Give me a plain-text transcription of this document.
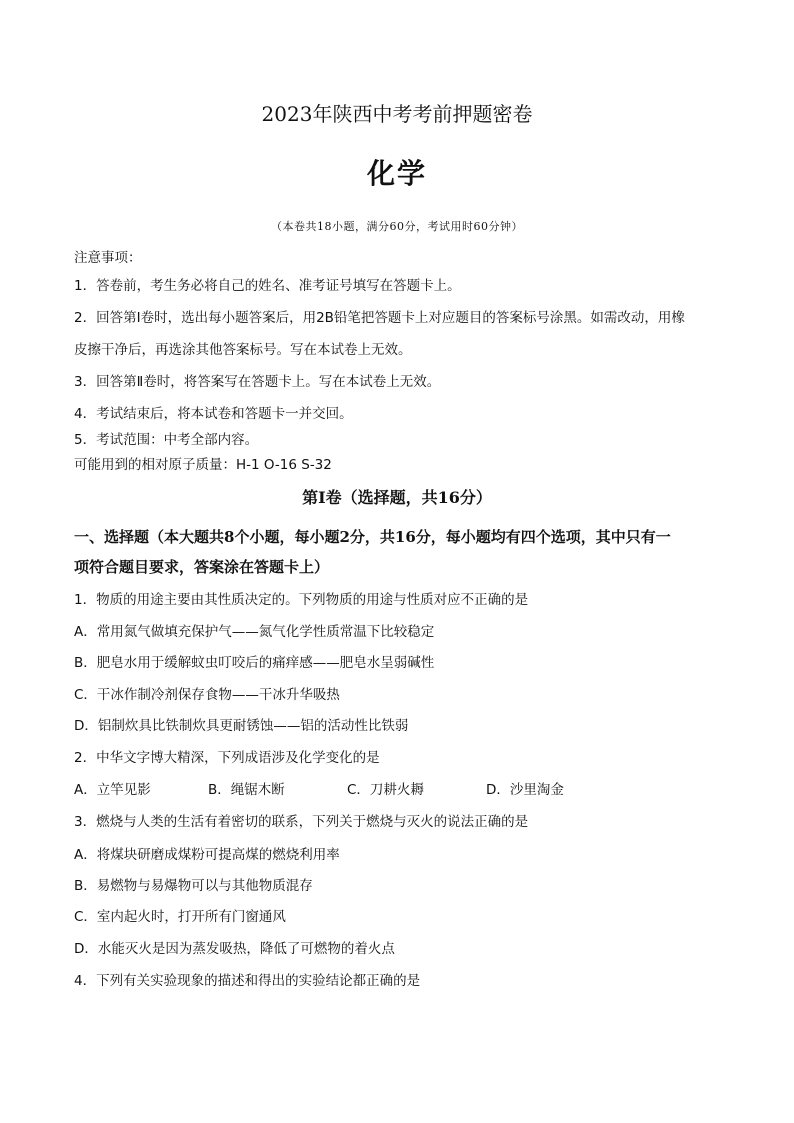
2023年陕西中考考前押题密卷
化学
（本卷共18小题，满分60分，考试用时60分钟）
注意事项：
1．答卷前，考生务必将自己的姓名、准考证号填写在答题卡上。
2．回答第Ⅰ卷时，选出每小题答案后，用2B铅笔把答题卡上对应题目的答案标号涂黑。如需改动，用橡
皮擦干净后，再选涂其他答案标号。写在本试卷上无效。
3．回答第Ⅱ卷时，将答案写在答题卡上。写在本试卷上无效。
4．考试结束后，将本试卷和答题卡一并交回。
5．考试范围：中考全部内容。
可能用到的相对原子质量：H-1 O-16 S-32
第Ⅰ卷（选择题，共16分）
一、选择题（本大题共8个小题，每小题2分，共16分，每小题均有四个选项，其中只有一
项符合题目要求，答案涂在答题卡上）
1．物质的用途主要由其性质决定的。下列物质的用途与性质对应不正确的是
A．常用氮气做填充保护气——氮气化学性质常温下比较稳定
B．肥皂水用于缓解蚊虫叮咬后的痛痒感——肥皂水呈弱碱性
C．干冰作制冷剂保存食物——干冰升华吸热
D．铝制炊具比铁制炊具更耐锈蚀——铝的活动性比铁弱
2．中华文字博大精深，下列成语涉及化学变化的是
A．立竿见影	B．绳锯木断	C．刀耕火耨	D．沙里淘金
3．燃烧与人类的生活有着密切的联系，下列关于燃烧与灭火的说法正确的是
A．将煤块研磨成煤粉可提高煤的燃烧利用率
B．易燃物与易爆物可以与其他物质混存
C．室内起火时，打开所有门窗通风
D．水能灭火是因为蒸发吸热，降低了可燃物的着火点
4．下列有关实验现象的描述和得出的实验结论都正确的是
